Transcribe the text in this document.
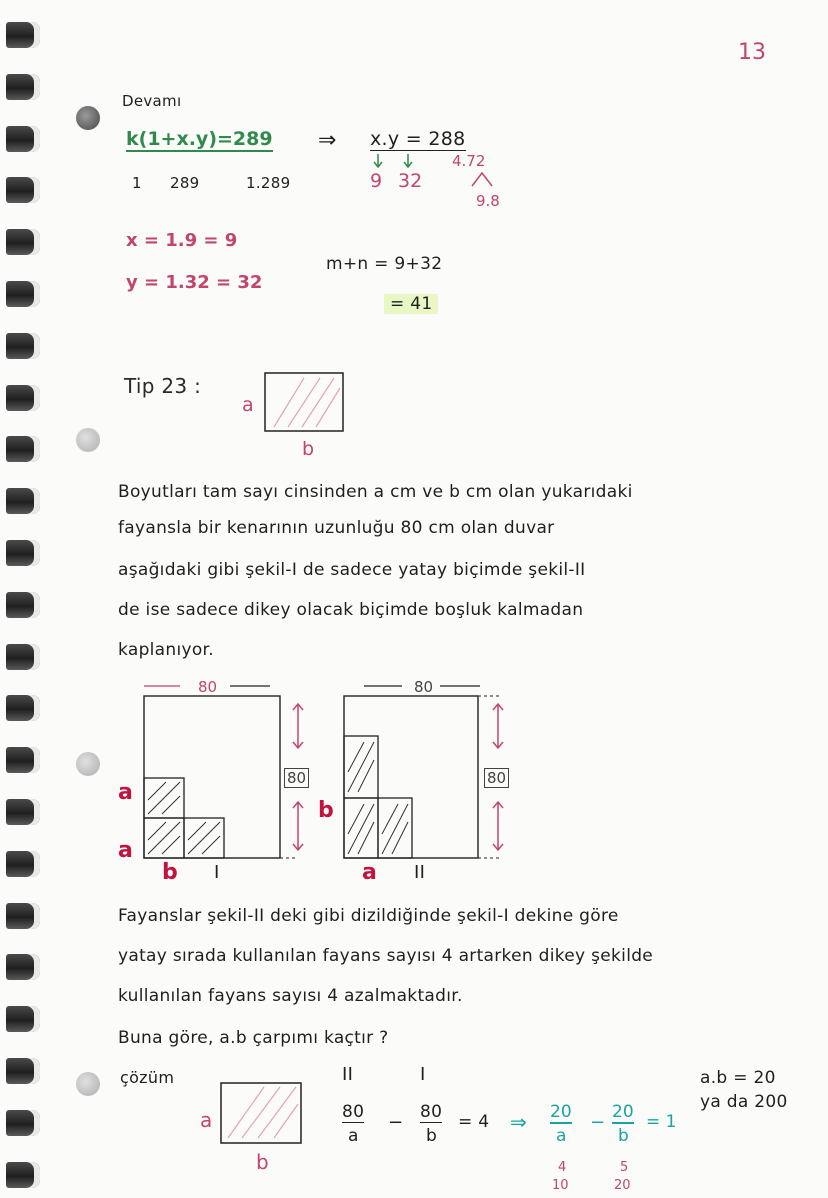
13
Devamı
k(1+x.y)=289 ⇒ x.y = 288
1 289	1.289	9 32
4.72
9.8
x = 1.9 = 9
y = 1.32 = 32
m+n = 9+32
= 41
Tip 23 :
a
b
Boyutları tam sayı cinsinden a cm ve b cm olan yukarıdaki
fayansla bir kenarının uzunluğu 80 cm olan duvar
aşağıdaki gibi şekil-I de sadece yatay biçimde şekil-II
de ise sadece dikey olacak biçimde boşluk kalmadan
kaplanıyor.
80
80
a
a
b I
80
80
b
a II
Fayanslar şekil-II deki gibi dizildiğinde şekil-I dekine göre
yatay sırada kullanılan fayans sayısı 4 artarken dikey şekilde
kullanılan fayans sayısı 4 azalmaktadır.
Buna göre, a.b çarpımı kaçtır ?
çözüm
a
b
II	I
80
a
− 80
b
= 4 ⇒ 20
a
− 20
b
= 1
4
10
5
20
a.b = 20
ya da 200
